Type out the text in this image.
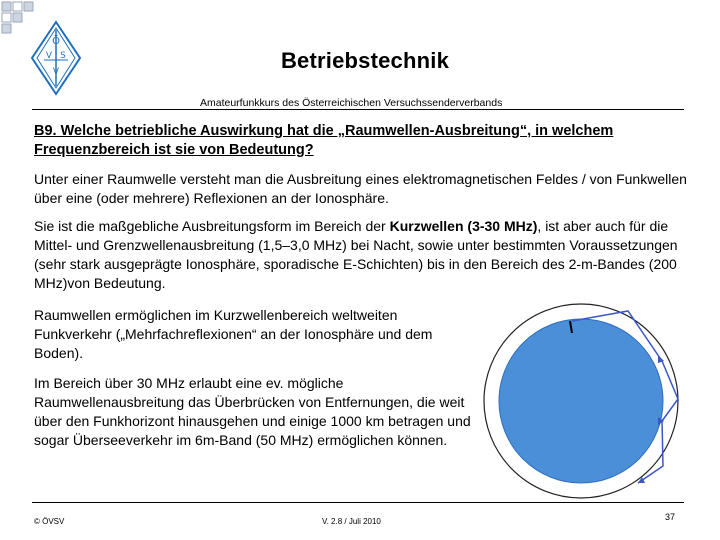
Ö
V S
V	Betriebstechnik
Amateurfunkkurs des Österreichischen Versuchssenderverbands
B9. Welche betriebliche Auswirkung hat die „Raumwellen-Ausbreitung“, in welchem Frequenzbereich ist sie von Bedeutung?
Unter einer Raumwelle versteht man die Ausbreitung eines elektromagnetischen Feldes / von Funkwellen über eine (oder mehrere) Reflexionen an der Ionosphäre.
Sie ist die maßgebliche Ausbreitungsform im Bereich der Kurzwellen (3-30 MHz), ist aber auch für die Mittel- und Grenzwellenausbreitung (1,5–3,0 MHz) bei Nacht, sowie unter bestimmten Voraussetzungen (sehr stark ausgeprägte Ionosphäre, sporadische E-Schichten) bis in den Bereich des 2-m-Bandes (200 MHz)von Bedeutung.
Raumwellen ermöglichen im Kurzwellenbereich weltweiten Funkverkehr („Mehrfachreflexionen“ an der Ionosphäre und dem Boden).
Im Bereich über 30 MHz erlaubt eine ev. mögliche Raumwellenausbreitung das Überbrücken von Entfernungen, die weit über den Funkhorizont hinausgehen und einige 1000 km betragen und sogar Überseeverkehr im 6m-Band (50 MHz) ermöglichen können.
© ÖVSV	V. 2.8 / Juli 2010	37
